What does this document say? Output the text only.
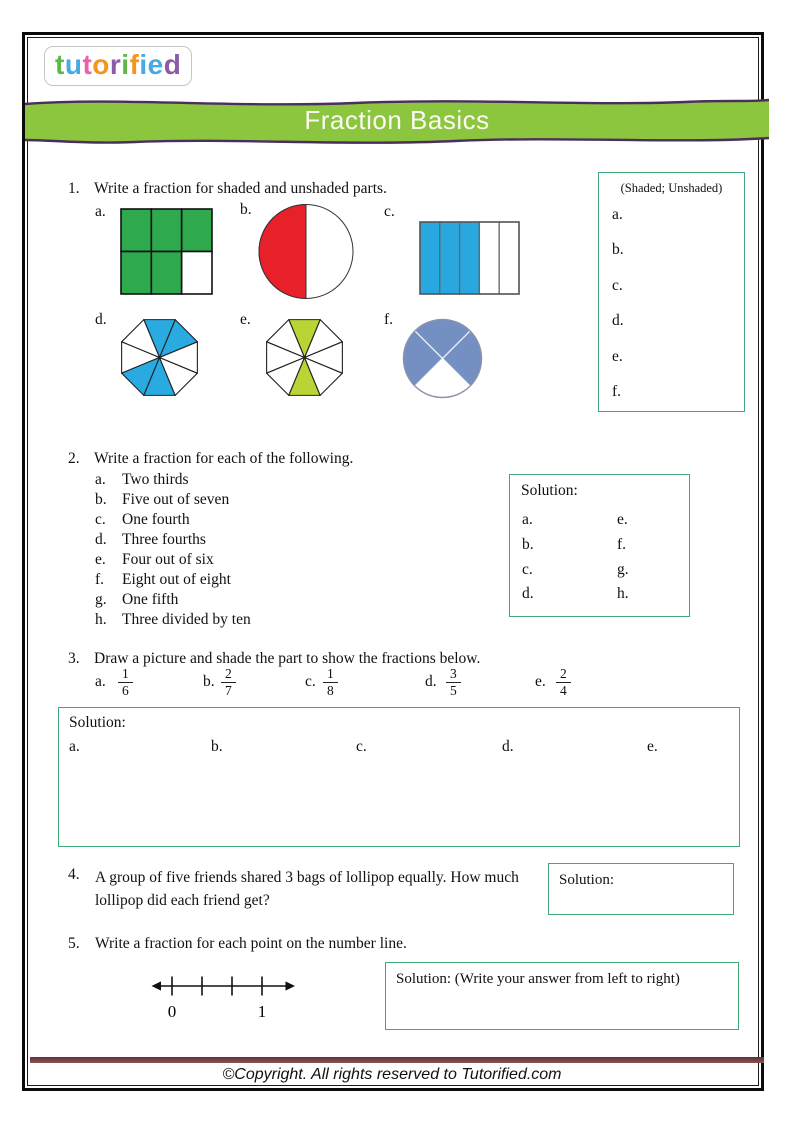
tutorified
Fraction Basics
1. Write a fraction for shaded and unshaded parts.
a.	b.	c.
d.	e.	f.
(Shaded; Unshaded)
a.
b.
c.
d.
e.
f.
2. Write a fraction for each of the following.
a. Two thirds
b. Five out of seven
c. One fourth
d. Three fourths
e. Four out of six
f. Eight out of eight
g. One fifth
h. Three divided by ten
Solution:
a.
b.
c.
d.
e.
f.
g.
h.
3. Draw a picture and shade the part to show the fractions below.
a. $\frac{1}{6}$	b. $\frac{2}{7}$	c. $\frac{1}{8}$	d. $\frac{3}{5}$	e. $\frac{2}{4}$
Solution:
a.	b.	c.	d.	e.
4. A group of five friends shared 3 bags of lollipop equally. How much lollipop did each friend get?
Solution:
5. Write a fraction for each point on the number line.
0	1
Solution: (Write your answer from left to right)
©Copyright. All rights reserved to Tutorified.com
